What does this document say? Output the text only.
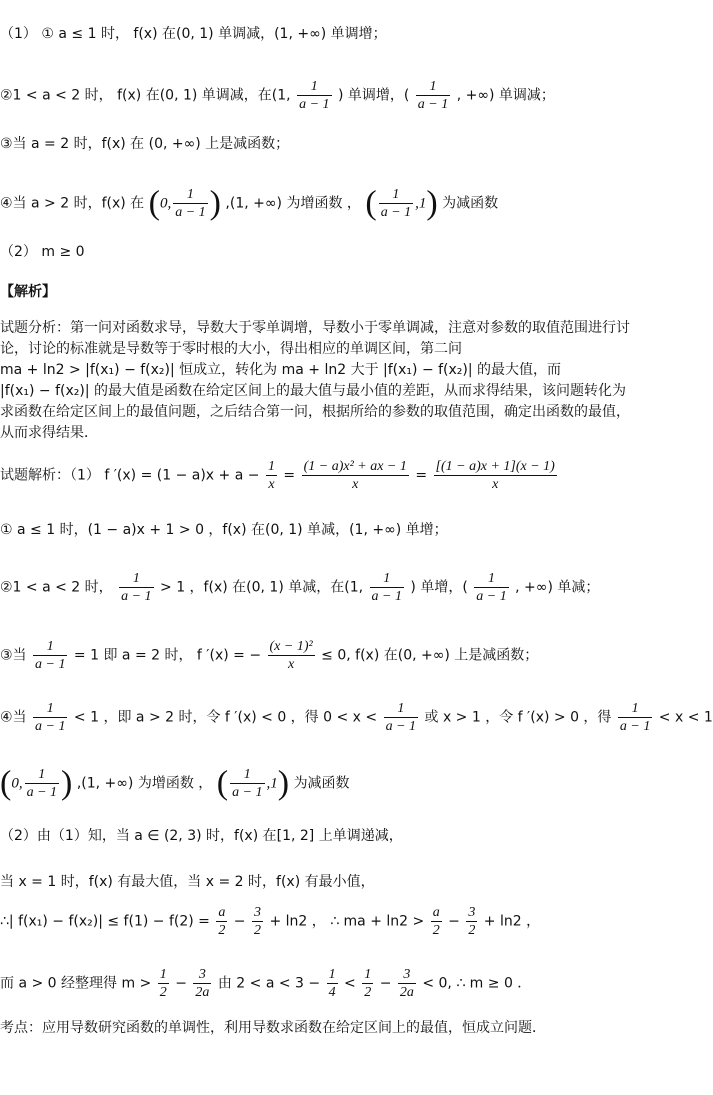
（1） ① a ≤ 1 时， f(x) 在(0, 1) 单调减，(1, +∞) 单调增；
②1 < a < 2 时， f(x) 在(0, 1) 单调减，在(1, $\frac{1}{a - 1}$ ) 单调增，( $\frac{1}{a - 1}$ , +∞) 单调减；
③当 a = 2 时，f(x) 在 (0, +∞) 上是减函数；
④当 a > 2 时，f(x) 在 (0, $\frac{1}{a - 1}$ ) ,(1, +∞) 为增函数 ， ( $\frac{1}{a - 1} ,1$) 为减函数
（2） m ≥ 0
【解析】
试题分析：第一问对函数求导，导数大于零单调增，导数小于零单调减，注意对参数的取值范围进行讨论，讨论的标准就是导数等于零时根的大小，得出相应的单调区间，第二问
ma + ln2 > |f(x₁) − f(x₂)| 恒成立，转化为 ma + ln2 大于 |f(x₁) − f(x₂)| 的最大值，而
|f(x₁) − f(x₂)| 的最大值是函数在给定区间上的最大值与最小值的差距，从而求得结果，该问题转化为求函数在给定区间上的最值问题，之后结合第一问，根据所给的参数的取值范围，确定出函数的最值，从而求得结果．
试题解析：（1） f $'(x) = (1 - a)x + a - \frac{1}{x} = \frac{\text{(1 − a)x² + ax − 1}}{x} = \frac{[(1 - a)x + 1](x - 1)}{x}$
① a ≤ 1 时，(1 − a)x + 1 > 0 ，f(x) 在(0, 1) 单减，(1, +∞) 单增；
②1 < a < 2 时， $\frac{1}{a - 1} > 1$ ，f(x) 在(0, 1) 单减，在(1, $\frac{1}{a - 1}$ ) 单增，( $\frac{1}{a - 1}$ , +∞) 单减；
③当 $\frac{1}{a - 1} = 1$ 即 a = 2 时， f ′(x) = − $\frac{\text{(x − 1)²}}{x} \le 0$, f(x) 在(0, +∞) 上是减函数；
④当 $\frac{1}{a - 1} < 1$ ，即 a > 2 时，令 f ′(x) < 0 ，得 $0 < x < \frac{1}{a - 1}$ 或 x > 1 ，令 f ′(x) > 0 ，得 $\frac{1}{a - 1} < x < 1$
(0, $\frac{1}{a - 1}$ ) ,(1, +∞) 为增函数 ， ( $\frac{1}{a - 1} ,1$) 为减函数
（2）由（1）知，当 a ∈ (2, 3) 时，f(x) 在[1, 2] 上单调递减，
当 x = 1 时，f(x) 有最大值，当 x = 2 时，f(x) 有最小值，
∴| $f(x_1) - f(x_2)| \le f(1) - f(2) = \frac{a}{2} - \frac{3}{2} + \ln 2$ ， ∴ ma + $\ln 2 > \frac{a}{2} - \frac{3}{2} + \ln 2$ ，
而 a > 0 经整理得 $m > \frac{1}{2} - \frac{3}{2a}$ 由 $2 < a < 3 - \frac{1}{4} < \frac{1}{2} - \frac{3}{2a} < 0$, ∴ m ≥ 0 ．
考点：应用导数研究函数的单调性，利用导数求函数在给定区间上的最值，恒成立问题．
